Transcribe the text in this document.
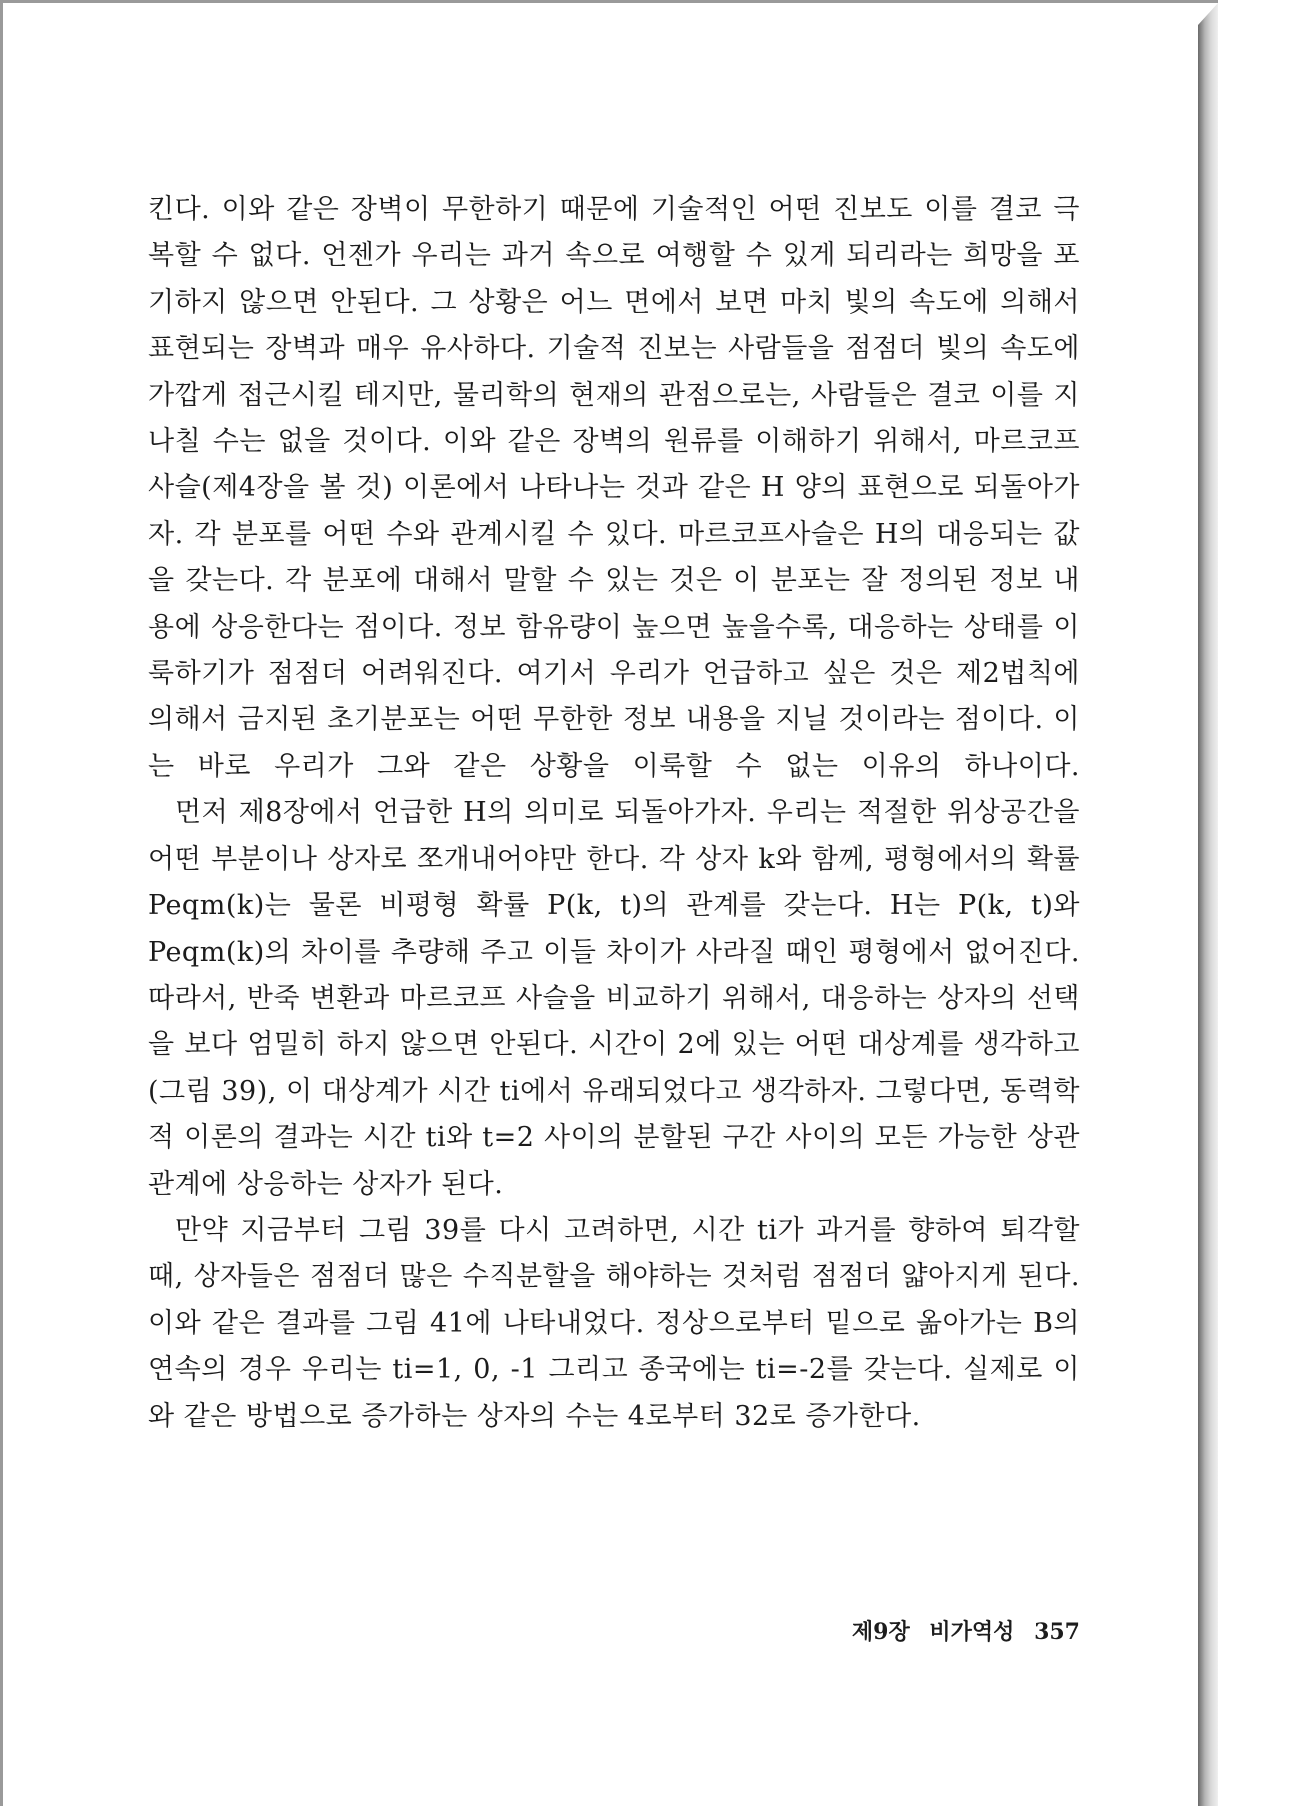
킨다. 이와 같은 장벽이 무한하기 때문에 기술적인 어떤 진보도 이를 결코 극복할 수 없다. 언젠가 우리는 과거 속으로 여행할 수 있게 되리라는 희망을 포기하지 않으면 안된다. 그 상황은 어느 면에서 보면 마치 빛의 속도에 의해서 표현되는 장벽과 매우 유사하다. 기술적 진보는 사람들을 점점더 빛의 속도에 가깝게 접근시킬 테지만, 물리학의 현재의 관점으로는, 사람들은 결코 이를 지나칠 수는 없을 것이다. 이와 같은 장벽의 원류를 이해하기 위해서, 마르코프사슬(제4장을 볼 것) 이론에서 나타나는 것과 같은 H 양의 표현으로 되돌아가자. 각 분포를 어떤 수와 관계시킬 수 있다. 마르코프사슬은 H의 대응되는 값을 갖는다. 각 분포에 대해서 말할 수 있는 것은 이 분포는 잘 정의된 정보 내용에 상응한다는 점이다. 정보 함유량이 높으면 높을수록, 대응하는 상태를 이룩하기가 점점더 어려워진다. 여기서 우리가 언급하고 싶은 것은 제2법칙에 의해서 금지된 초기분포는 어떤 무한한 정보 내용을 지닐 것이라는 점이다. 이는 바로 우리가 그와 같은 상황을 이룩할 수 없는 이유의 하나이다.

먼저 제8장에서 언급한 H의 의미로 되돌아가자. 우리는 적절한 위상공간을 어떤 부분이나 상자로 쪼개내어야만 한다. 각 상자 k와 함께, 평형에서의 확률 Peqm(k)는 물론 비평형 확률 P(k, t)의 관계를 갖는다. H는 P(k, t)와 Peqm(k)의 차이를 추량해 주고 이들 차이가 사라질 때인 평형에서 없어진다. 따라서, 반죽 변환과 마르코프 사슬을 비교하기 위해서, 대응하는 상자의 선택을 보다 엄밀히 하지 않으면 안된다. 시간이 2에 있는 어떤 대상계를 생각하고(그림 39), 이 대상계가 시간 ti에서 유래되었다고 생각하자. 그렇다면, 동력학적 이론의 결과는 시간 ti와 t=2 사이의 분할된 구간 사이의 모든 가능한 상관관계에 상응하는 상자가 된다.

만약 지금부터 그림 39를 다시 고려하면, 시간 ti가 과거를 향하여 퇴각할 때, 상자들은 점점더 많은 수직분할을 해야하는 것처럼 점점더 얇아지게 된다. 이와 같은 결과를 그림 41에 나타내었다. 정상으로부터 밑으로 옮아가는 B의 연속의 경우 우리는 ti=1, 0, -1 그리고 종국에는 ti=-2를 갖는다. 실제로 이와 같은 방법으로 증가하는 상자의 수는 4로부터 32로 증가한다.

제9장 비가역성 357
